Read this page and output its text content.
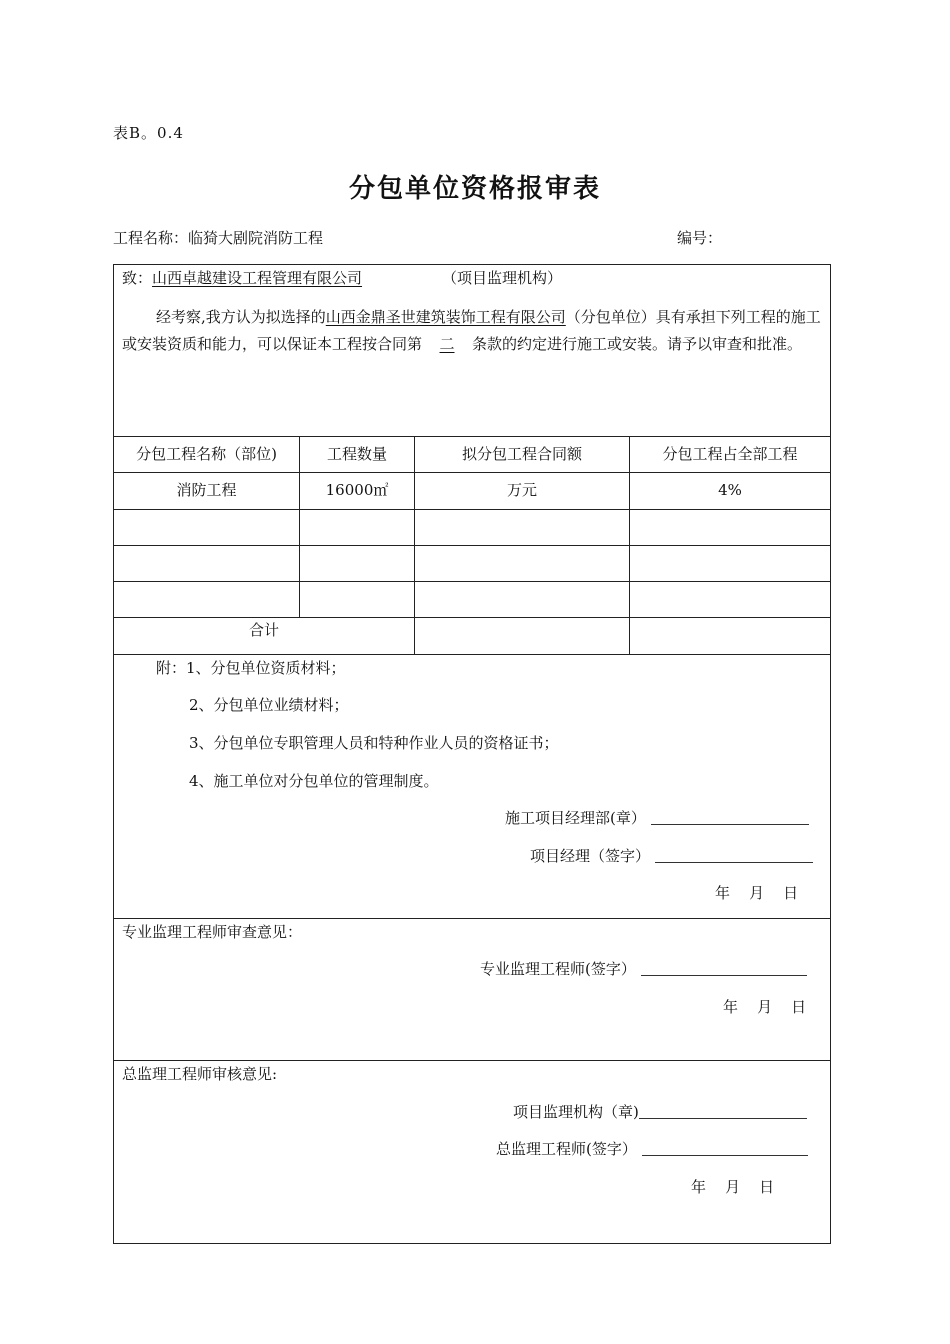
表B。0.4
分包单位资格报审表
工程名称：临猗大剧院消防工程	编号：
致：山西卓越建设工程管理有限公司	（项目监理机构）
经考察,我方认为拟选择的山西金鼎圣世建筑装饰工程有限公司（分包单位）具有承担下列工程的施工或安装资质和能力，可以保证本工程按合同第 二 条款的约定进行施工或安装。请予以审查和批准。
分包工程名称（部位)	工程数量	拟分包工程合同额	分包工程占全部工程
消防工程	16000㎡	万元	4%
合计
附：1、分包单位资质材料；
2、分包单位业绩材料；
3、分包单位专职管理人员和特种作业人员的资格证书；
4、施工单位对分包单位的管理制度。
施工项目经理部(章）
项目经理（签字）
年    月    日
专业监理工程师审查意见：
专业监理工程师(签字）
年    月    日
总监理工程师审核意见:
项目监理机构（章)
总监理工程师(签字）
年    月    日
